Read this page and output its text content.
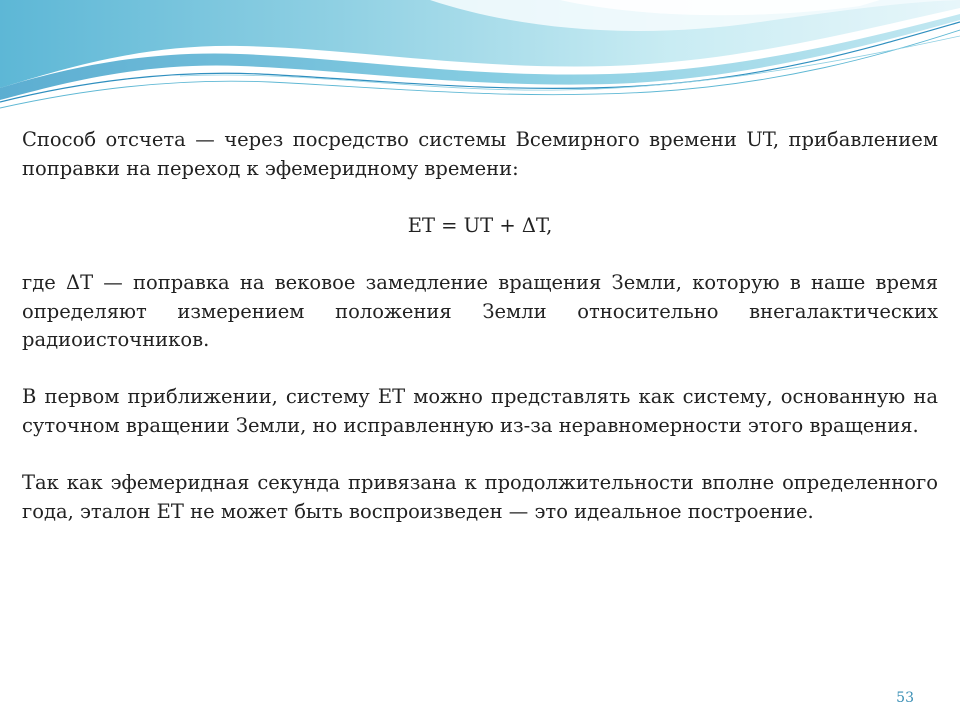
Способ отсчета — через посредство системы Всемирного времени UT, прибавлением поправки на переход к эфемеридному времени:

ET = UT + ΔT,

где ΔT — поправка на вековое замедление вращения Земли, которую в наше время определяют измерением положения Земли относительно внегалактических радиоисточников.

В первом приближении, систему ET можно представлять как систему, основанную на суточном вращении Земли, но исправленную из-за неравномерности этого вращения.

Так как эфемеридная секунда привязана к продолжительности вполне определенного года, эталон ET не может быть воспроизведен — это идеальное построение.

53
